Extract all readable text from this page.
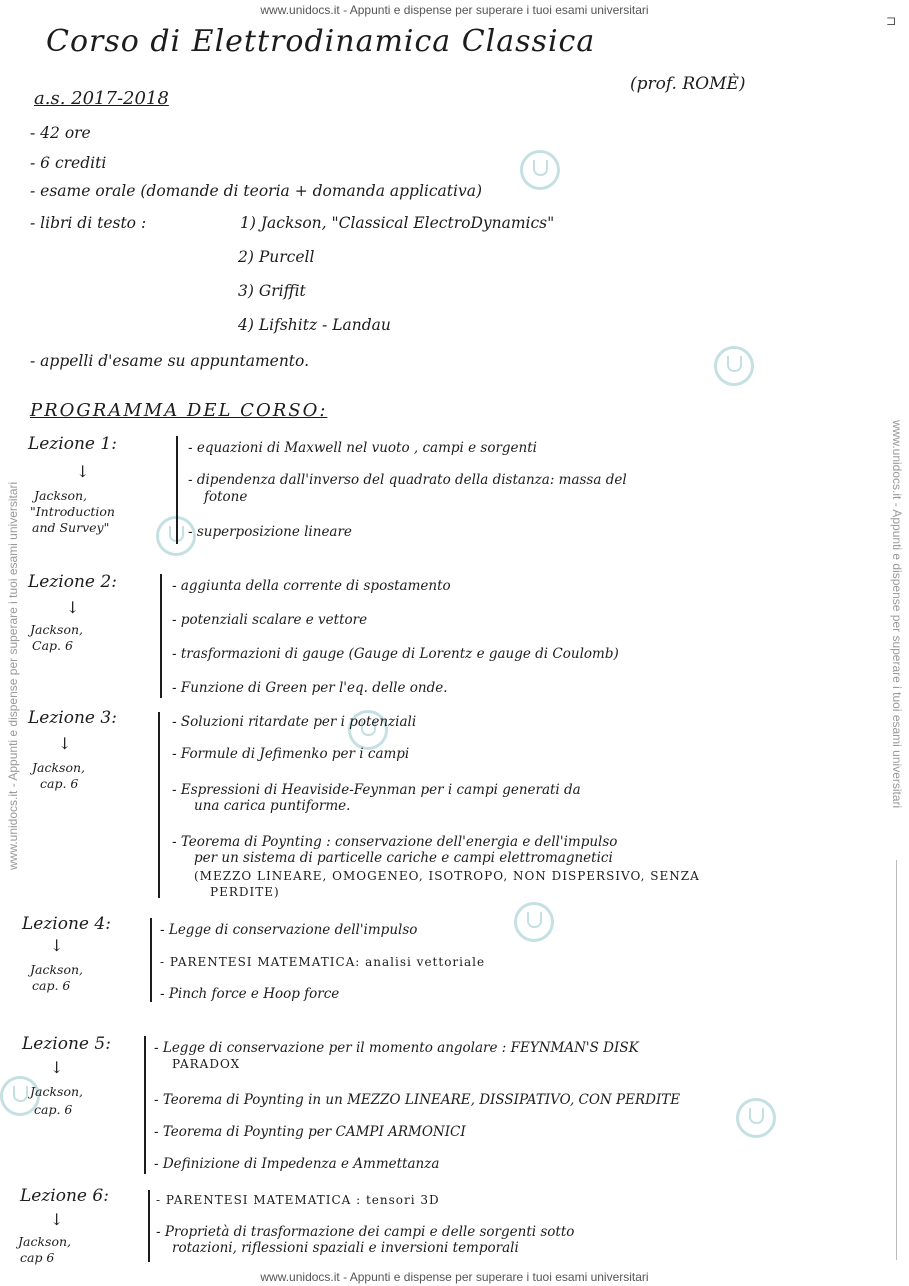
www.unidocs.it - Appunti e dispense per superare i tuoi esami universitari
www.unidocs.it - Appunti e dispense per superare i tuoi esami universitari	www.unidocs.it - Appunti e dispense per superare i tuoi esami universitari
⊐
Corso di Elettrodinamica Classica
(prof. ROMÈ)
a.s. 2017-2018
- 42 ore
- 6 crediti
- esame orale (domande di teoria + domanda applicativa)
- libri di testo :	1) Jackson, "Classical ElectroDynamics"
2) Purcell
3) Griffit
4) Lifshitz - Landau
- appelli d'esame su appuntamento.
PROGRAMMA DEL CORSO:
Lezione 1:
↓
Jackson,
"Introduction
and Survey"
- equazioni di Maxwell nel vuoto , campi e sorgenti
- dipendenza dall'inverso del quadrato della distanza: massa del
fotone
- superposizione lineare
Lezione 2:
↓
Jackson,
Cap. 6
- aggiunta della corrente di spostamento
- potenziali scalare e vettore
- trasformazioni di gauge (Gauge di Lorentz e gauge di Coulomb)
- Funzione di Green per l'eq. delle onde.
Lezione 3:
↓
Jackson,
cap. 6
- Soluzioni ritardate per i potenziali
- Formule di Jefimenko per i campi
- Espressioni di Heaviside-Feynman per i campi generati da
una carica puntiforme.
- Teorema di Poynting : conservazione dell'energia e dell'impulso
per un sistema di particelle cariche e campi elettromagnetici
(MEZZO LINEARE, OMOGENEO, ISOTROPO, NON DISPERSIVO, SENZA
PERDITE)
Lezione 4:
↓
Jackson,
cap. 6
- Legge di conservazione dell'impulso
- PARENTESI MATEMATICA: analisi vettoriale
- Pinch force e Hoop force
Lezione 5:
↓
Jackson,
cap. 6
- Legge di conservazione per il momento angolare : FEYNMAN'S DISK
PARADOX
- Teorema di Poynting in un MEZZO LINEARE, DISSIPATIVO, CON PERDITE
- Teorema di Poynting per CAMPI ARMONICI
- Definizione di Impedenza e Ammettanza
Lezione 6:
↓
Jackson,
cap 6
- PARENTESI MATEMATICA : tensori 3D
- Proprietà di trasformazione dei campi e delle sorgenti sotto
rotazioni, riflessioni spaziali e inversioni temporali
www.unidocs.it - Appunti e dispense per superare i tuoi esami universitari
